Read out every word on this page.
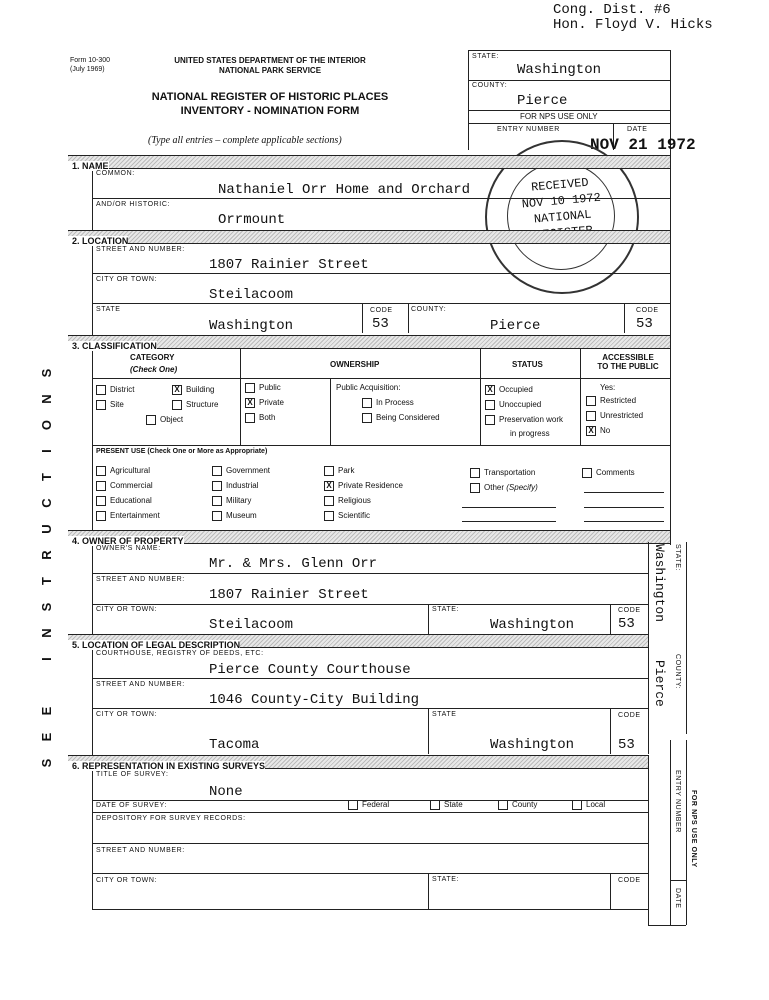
Cong. Dist. #6
Hon. Floyd V. Hicks
Form 10-300
(July 1969)
UNITED STATES DEPARTMENT OF THE INTERIOR
NATIONAL PARK SERVICE
NATIONAL REGISTER OF HISTORIC PLACES
INVENTORY - NOMINATION FORM
(Type all entries – complete applicable sections)
S
E
E

I
N
S
T
R
U
C
T
I
O
N
S
STATE:
Washington
COUNTY:
Pierce
FOR NPS USE ONLY
ENTRY NUMBER	DATE
NOV 21 1972
RECEIVED
NOV 10 1972
NATIONAL
1. NAME
COMMON:
Nathaniel Orr Home and Orchard
AND/OR HISTORIC:
Orrmount
2. LOCATION
STREET AND NUMBER:
1807 Rainier Street
CITY OR TOWN:
Steilacoom
STATE
Washington
CODE
53
COUNTY:
Pierce
CODE
53
3. CLASSIFICATION
CATEGORY
(Check One)
OWNERSHIP	STATUS
ACCESSIBLE
TO THE PUBLIC
District	X Building
Site	Structure
Object
Public
X Private
Both
Public Acquisition:
In Process
Being Considered
X Occupied
Unoccupied
Preservation work
in progress
Yes:
Restricted
Unrestricted
X No
PRESENT USE (Check One or More as Appropriate)
Agricultural
Commercial
Educational
Entertainment
Government
Industrial
Military
Museum
Park
X Private Residence
Religious
Scientific
Transportation
Other (Specify)
Comments
4. OWNER OF PROPERTY
OWNER'S NAME:
Mr. & Mrs. Glenn Orr
STREET AND NUMBER:
1807 Rainier Street
CITY OR TOWN:
Steilacoom
STATE:
Washington
CODE
53
Washington STATE:
5. LOCATION OF LEGAL DESCRIPTION
COURTHOUSE, REGISTRY OF DEEDS, ETC:
Pierce County Courthouse
STREET AND NUMBER:
1046 County-City Building
CITY OR TOWN:
Tacoma
STATE
Washington
CODE
53
Pierce COUNTY:
6. REPRESENTATION IN EXISTING SURVEYS
TITLE OF SURVEY:
None
DATE OF SURVEY:	Federal	State	County	Local
DEPOSITORY FOR SURVEY RECORDS:
STREET AND NUMBER:
CITY OR TOWN:	STATE:	CODE
ENTRY NUMBER
DATE
FOR NPS USE ONLY
